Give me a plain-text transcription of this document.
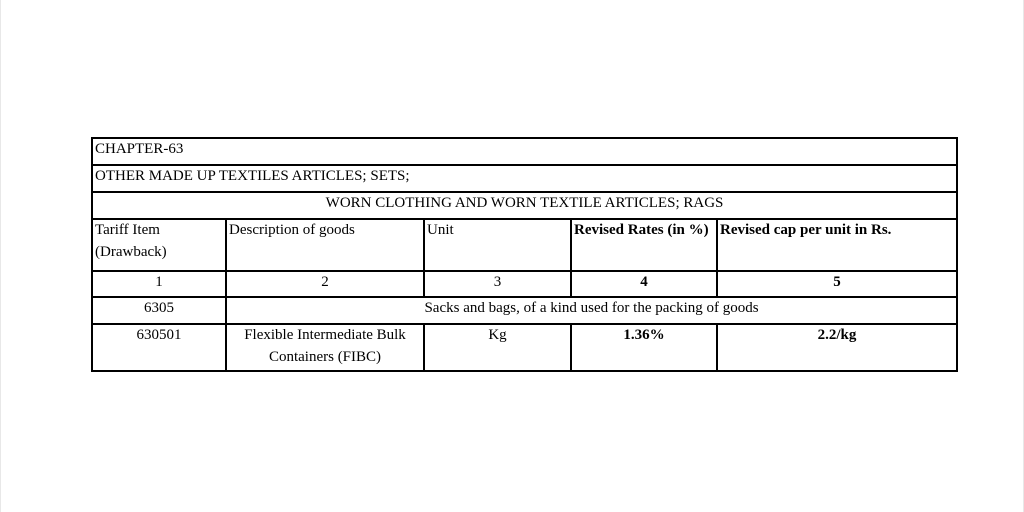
CHAPTER-63				
OTHER MADE UP TEXTILES ARTICLES; SETS;				
WORN CLOTHING AND WORN TEXTILE ARTICLES; RAGS				
Tariff Item (Drawback)	Description of goods	Unit	Revised Rates (in %)	Revised cap per unit in Rs.
1	2	3	4	5
6305	Sacks and bags, of a kind used for the packing of goods			
630501	Flexible Intermediate Bulk Containers (FIBC)	Kg	1.36%	2.2/kg
